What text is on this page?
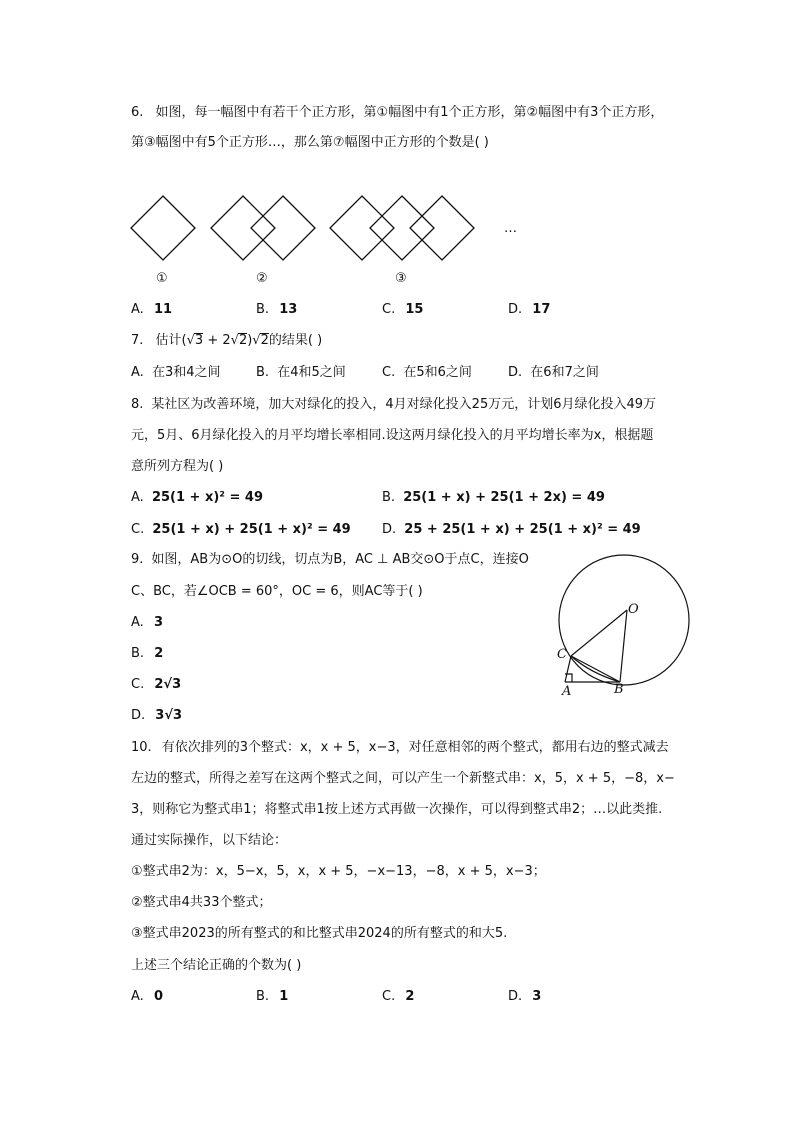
6. 如图，每一幅图中有若干个正方形，第①幅图中有1个正方形，第②幅图中有3个正方形，
第③幅图中有5个正方形…，那么第⑦幅图中正方形的个数是( )
…
①	②	③
A. 11	B. 13	C. 15	D. 17
7. 估计(√3 + 2√2)√2的结果( )
A. 在3和4之间	B. 在4和5之间	C. 在5和6之间	D. 在6和7之间
8. 某社区为改善环境，加大对绿化的投入，4月对绿化投入25万元，计划6月绿化投入49万
元，5月、6月绿化投入的月平均增长率相同.设这两月绿化投入的月平均增长率为x，根据题
意所列方程为( )
A. 25(1 + x)² = 49	B. 25(1 + x) + 25(1 + 2x) = 49
C. 25(1 + x) + 25(1 + x)² = 49 D. 25 + 25(1 + x) + 25(1 + x)² = 49
9. 如图，AB为⊙O的切线，切点为B，AC ⊥ AB交⊙O于点C，连接O
C、BC，若∠OCB = 60°，OC = 6，则AC等于( )
A. 3
B. 2
C. 2√3
D. 3√3
O
C
A	B
10. 有依次排列的3个整式：x，x + 5，x−3，对任意相邻的两个整式，都用右边的整式减去
左边的整式，所得之差写在这两个整式之间，可以产生一个新整式串：x，5，x + 5，−8，x−
3，则称它为整式串1；将整式串1按上述方式再做一次操作，可以得到整式串2；…以此类推.
通过实际操作，以下结论：
①整式串2为：x，5−x，5，x，x + 5，−x−13，−8，x + 5，x−3；
②整式串4共33个整式；
③整式串2023的所有整式的和比整式串2024的所有整式的和大5.
上述三个结论正确的个数为( )
A. 0	B. 1	C. 2	D. 3
